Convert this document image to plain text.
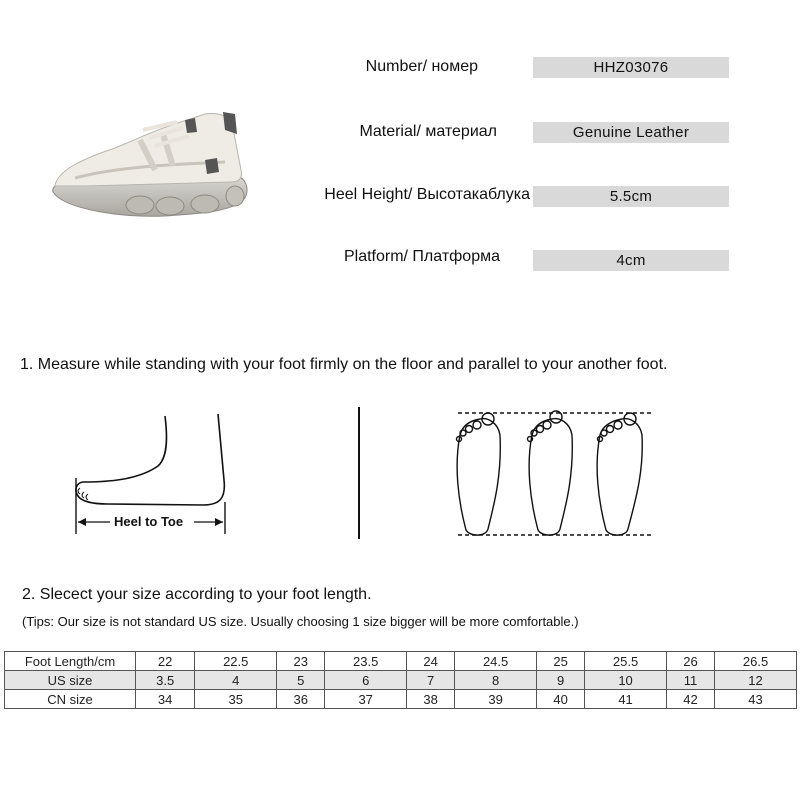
Number/ номер	HHZ03076
Material/ материал	Genuine Leather
Heel Height/ Высотакаблука	5.5cm
Platform/ Платформа	4cm
1. Measure while standing with your foot firmly on the floor and parallel to your another foot.
Heel to Toe
2. Slecect your size according to your foot length.
(Tips: Our size is not standard US size. Usually choosing 1 size bigger will be more comfortable.)
Foot Length/cm	22	22.5	23	23.5	24	24.5	25	25.5	26	26.5
US size	3.5	4	5	6	7	8	9	10	11	12
CN size	34	35	36	37	38	39	40	41	42	43
